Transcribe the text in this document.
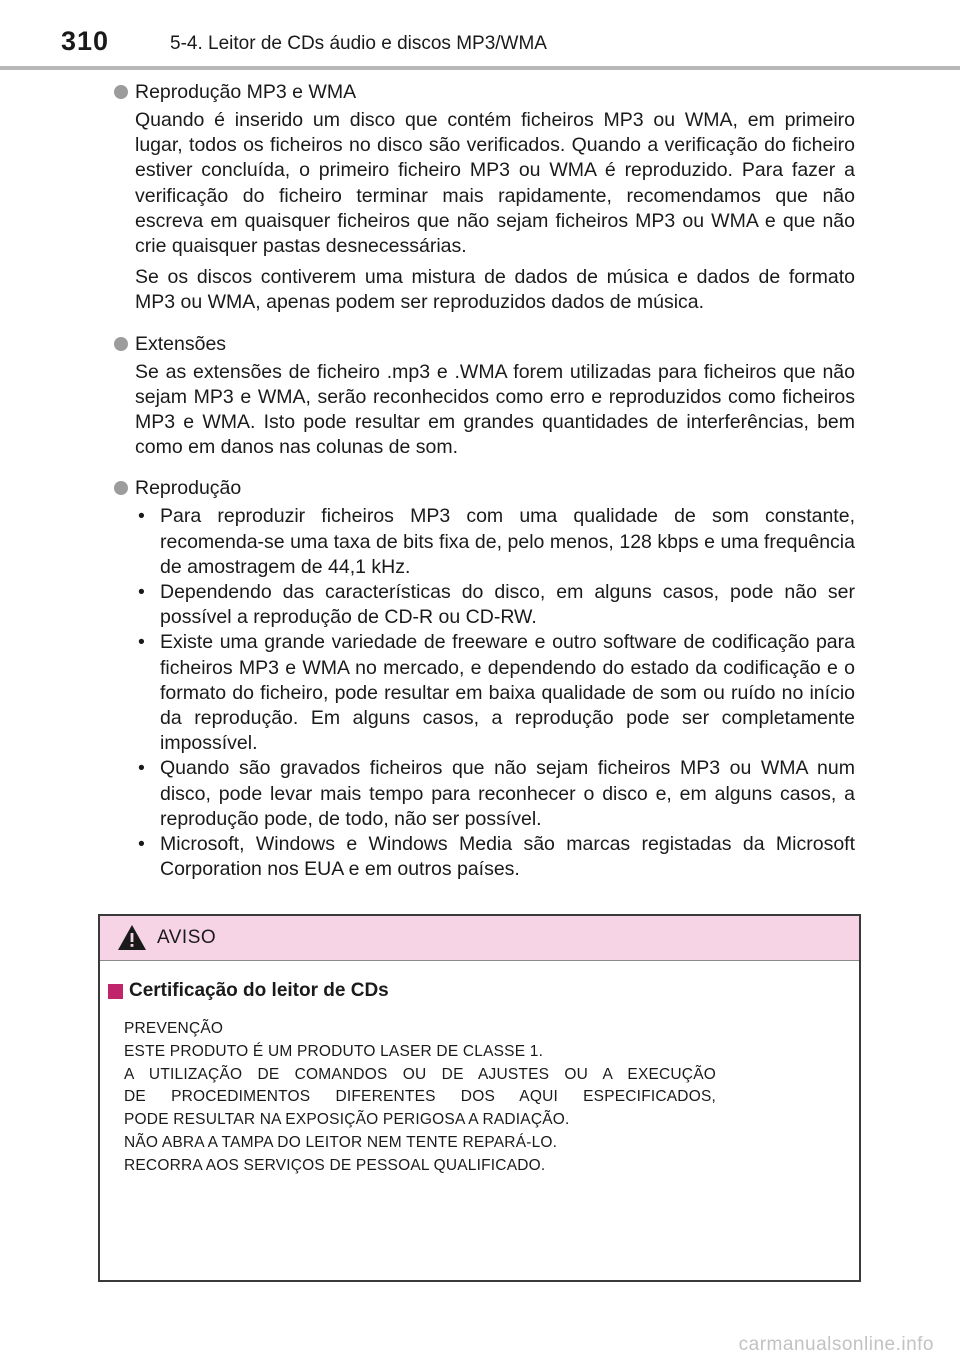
310	5-4. Leitor de CDs áudio e discos MP3/WMA
Reprodução MP3 e WMA

Quando é inserido um disco que contém ficheiros MP3 ou WMA, em primeiro lugar, todos os ficheiros no disco são verificados. Quando a verificação do ficheiro estiver concluída, o primeiro ficheiro MP3 ou WMA é reproduzido. Para fazer a verificação do ficheiro terminar mais rapidamente, recomendamos que não escreva em quaisquer ficheiros que não sejam ficheiros MP3 ou WMA e que não crie quaisquer pastas desnecessárias.

Se os discos contiverem uma mistura de dados de música e dados de formato MP3 ou WMA, apenas podem ser reproduzidos dados de música.

Extensões

Se as extensões de ficheiro .mp3 e .WMA forem utilizadas para ficheiros que não sejam MP3 e WMA, serão reconhecidos como erro e reproduzidos como ficheiros MP3 e WMA. Isto pode resultar em grandes quantidades de interferências, bem como em danos nas colunas de som.

Reprodução
• Para reproduzir ficheiros MP3 com uma qualidade de som constante, recomenda-se uma taxa de bits fixa de, pelo menos, 128 kbps e uma frequência de amostragem de 44,1 kHz.
• Dependendo das características do disco, em alguns casos, pode não ser possível a reprodução de CD-R ou CD-RW.
• Existe uma grande variedade de freeware e outro software de codificação para ficheiros MP3 e WMA no mercado, e dependendo do estado da codificação e o formato do ficheiro, pode resultar em baixa qualidade de som ou ruído no início da reprodução. Em alguns casos, a reprodução pode ser completamente impossível.
• Quando são gravados ficheiros que não sejam ficheiros MP3 ou WMA num disco, pode levar mais tempo para reconhecer o disco e, em alguns casos, a reprodução pode, de todo, não ser possível.
• Microsoft, Windows e Windows Media são marcas registadas da Microsoft Corporation nos EUA e em outros países.
AVISO
Certificação do leitor de CDs
PREVENÇÃO
ESTE PRODUTO É UM PRODUTO LASER DE CLASSE 1.
A UTILIZAÇÃO DE COMANDOS OU DE AJUSTES OU A EXECUÇÃO
DE PROCEDIMENTOS DIFERENTES DOS AQUI ESPECIFICADOS,
PODE RESULTAR NA EXPOSIÇÃO PERIGOSA A RADIAÇÃO.
NÃO ABRA A TAMPA DO LEITOR NEM TENTE REPARÁ-LO.
RECORRA AOS SERVIÇOS DE PESSOAL QUALIFICADO.
carmanualsonline.info
